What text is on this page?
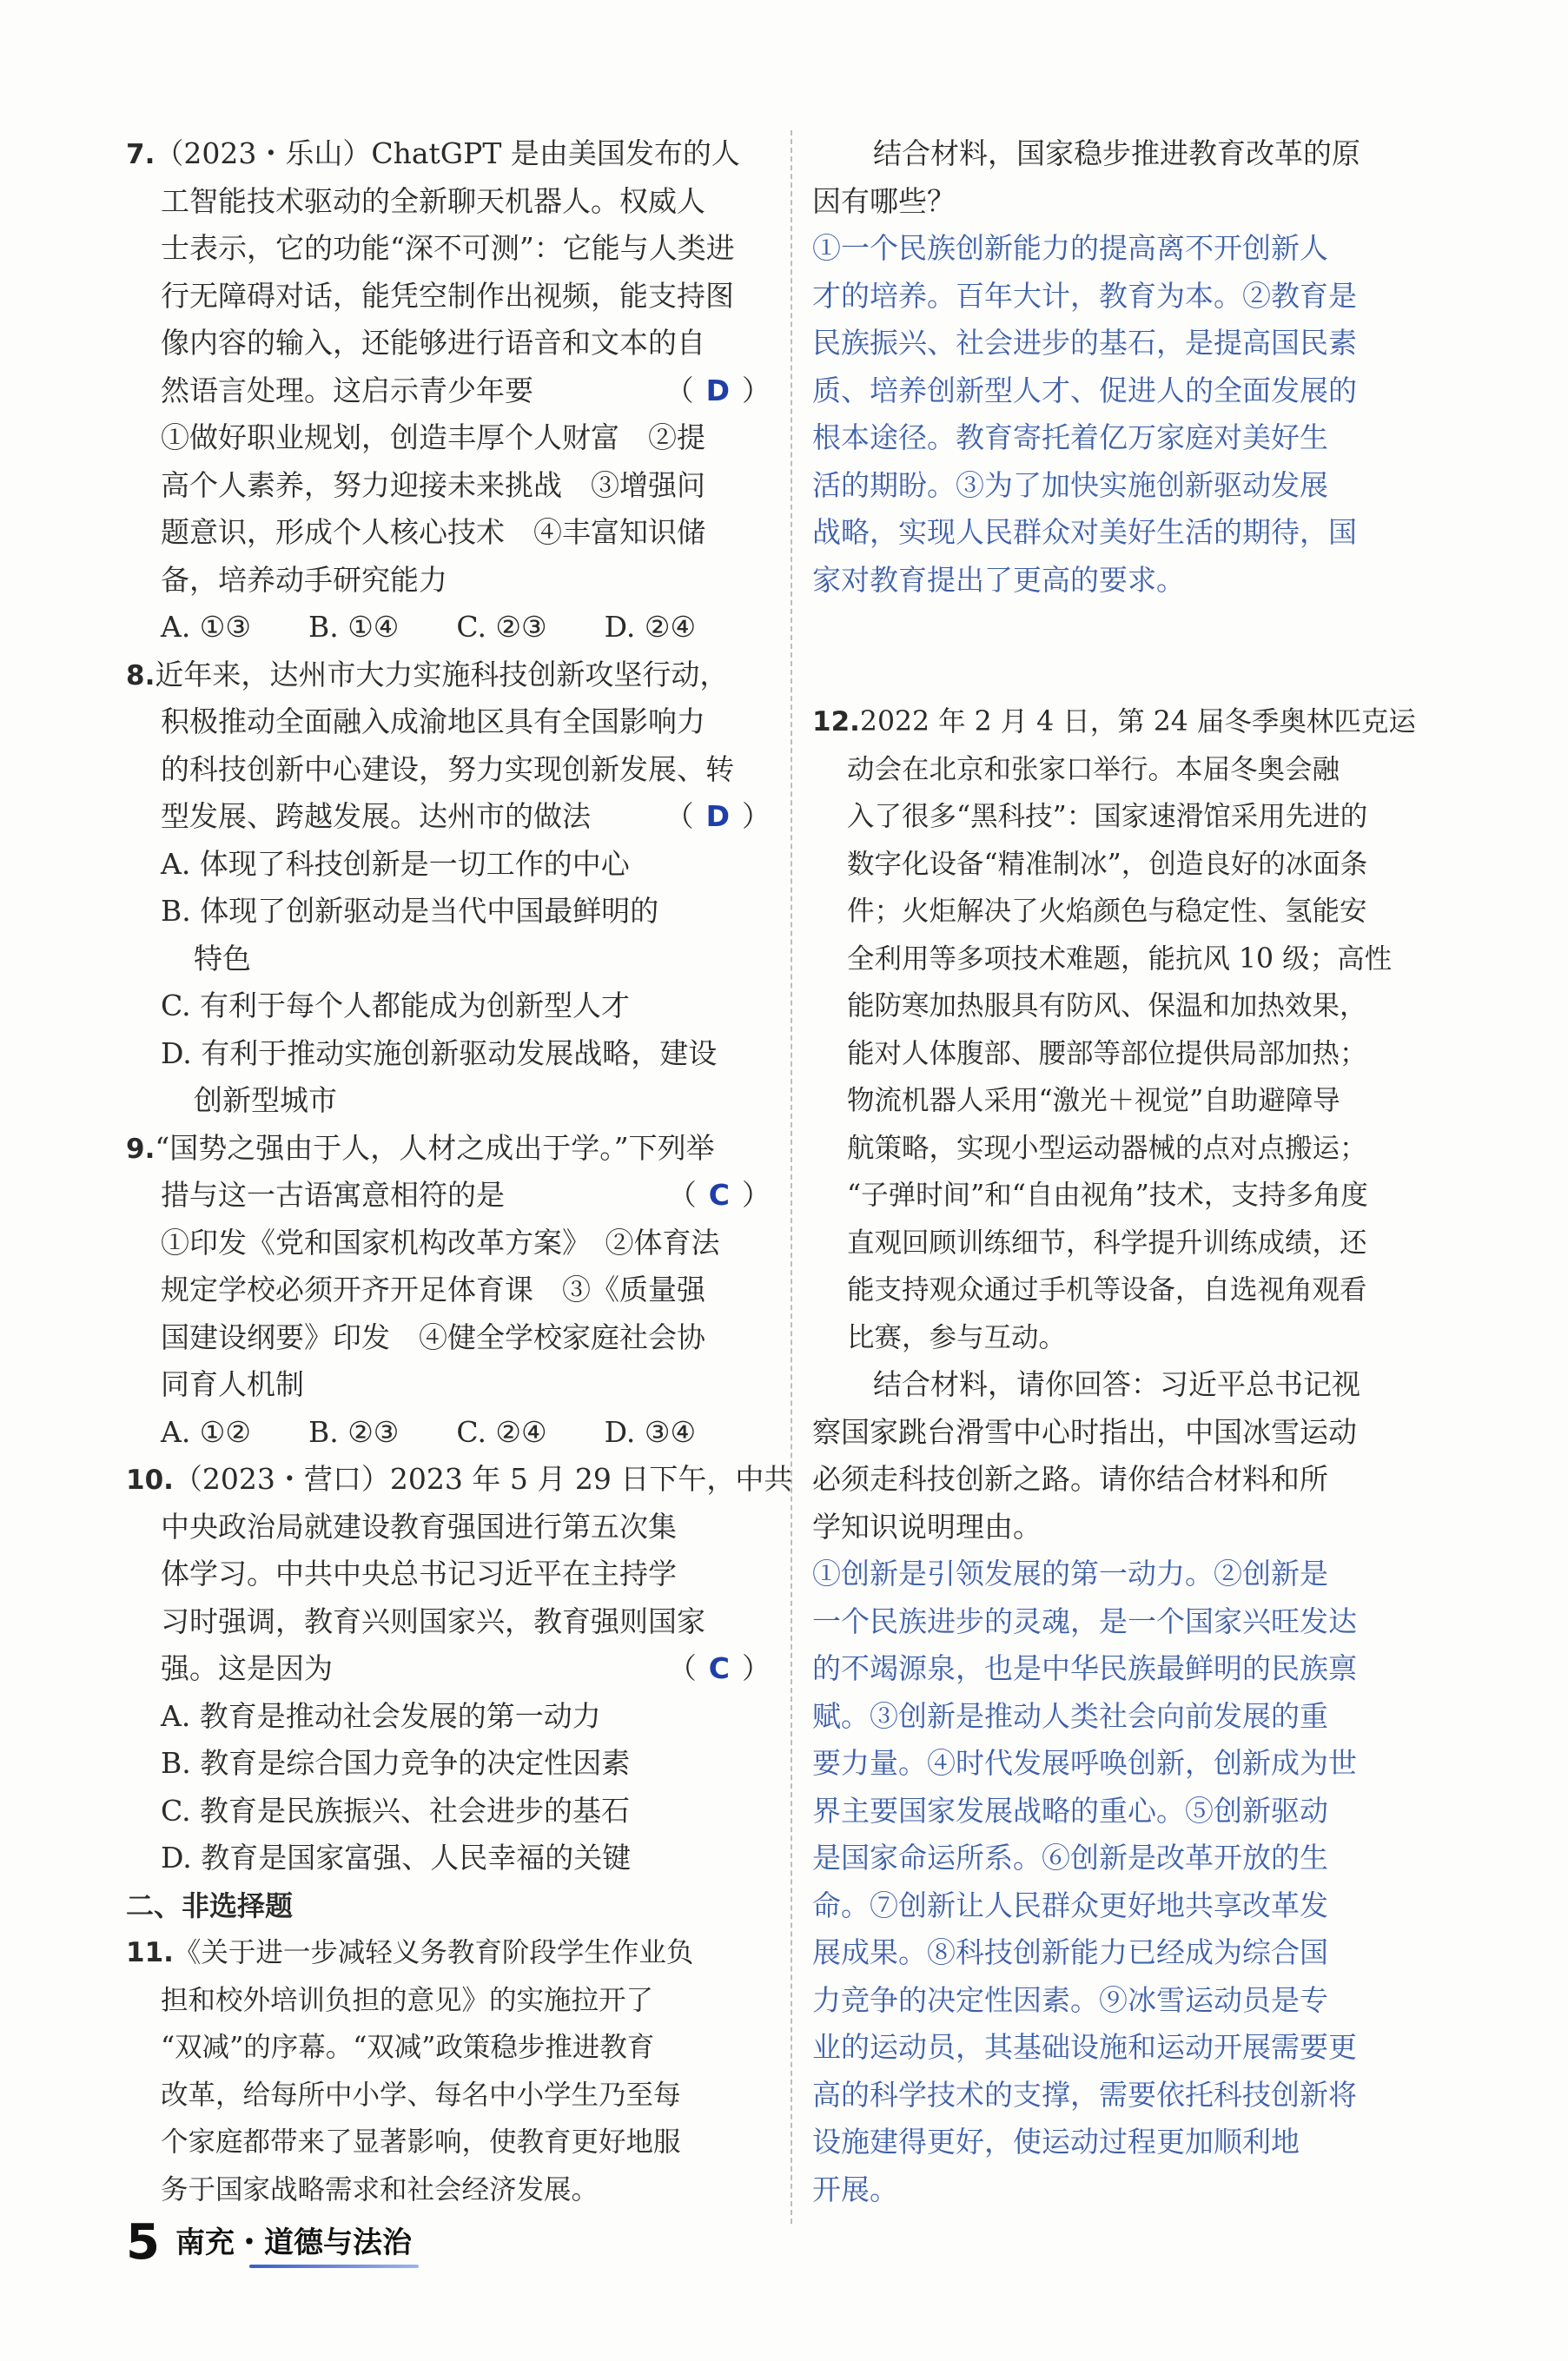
7.（2023・乐山）ChatGPT 是由美国发布的人
工智能技术驱动的全新聊天机器人。权威人
士表示，它的功能“深不可测”：它能与人类进
行无障碍对话，能凭空制作出视频，能支持图
像内容的输入，还能够进行语音和文本的自
然语言处理。这启示青少年要	（ D ）
①做好职业规划，创造丰厚个人财富　②提
高个人素养，努力迎接未来挑战　③增强问
题意识，形成个人核心技术　④丰富知识储
备，培养动手研究能力
A. ①③　　B. ①④　　C. ②③　　D. ②④
8.近年来，达州市大力实施科技创新攻坚行动，
积极推动全面融入成渝地区具有全国影响力
的科技创新中心建设，努力实现创新发展、转
型发展、跨越发展。达州市的做法	（ D ）
A. 体现了科技创新是一切工作的中心
B. 体现了创新驱动是当代中国最鲜明的
特色
C. 有利于每个人都能成为创新型人才
D. 有利于推动实施创新驱动发展战略，建设
创新型城市
9.“国势之强由于人，人材之成出于学。”下列举
措与这一古语寓意相符的是	（ C ）
①印发《党和国家机构改革方案》　②体育法
规定学校必须开齐开足体育课　③《质量强
国建设纲要》印发　④健全学校家庭社会协
同育人机制
A. ①②　　B. ②③　　C. ②④　　D. ③④
10.（2023・营口）2023 年 5 月 29 日下午，中共
中央政治局就建设教育强国进行第五次集
体学习。中共中央总书记习近平在主持学
习时强调，教育兴则国家兴，教育强则国家
强。这是因为	（ C ）
A. 教育是推动社会发展的第一动力
B. 教育是综合国力竞争的决定性因素
C. 教育是民族振兴、社会进步的基石
D. 教育是国家富强、人民幸福的关键
二、非选择题
11.《关于进一步减轻义务教育阶段学生作业负
担和校外培训负担的意见》的实施拉开了
“双减”的序幕。“双减”政策稳步推进教育
改革，给每所中小学、每名中小学生乃至每
个家庭都带来了显著影响，使教育更好地服
务于国家战略需求和社会经济发展。
结合材料，国家稳步推进教育改革的原
因有哪些？
①一个民族创新能力的提高离不开创新人
才的培养。百年大计，教育为本。②教育是
民族振兴、社会进步的基石，是提高国民素
质、培养创新型人才、促进人的全面发展的
根本途径。教育寄托着亿万家庭对美好生
活的期盼。③为了加快实施创新驱动发展
战略，实现人民群众对美好生活的期待，国
家对教育提出了更高的要求。
12.2022 年 2 月 4 日，第 24 届冬季奥林匹克运
动会在北京和张家口举行。本届冬奥会融
入了很多“黑科技”：国家速滑馆采用先进的
数字化设备“精准制冰”，创造良好的冰面条
件；火炬解决了火焰颜色与稳定性、氢能安
全利用等多项技术难题，能抗风 10 级；高性
能防寒加热服具有防风、保温和加热效果，
能对人体腹部、腰部等部位提供局部加热；
物流机器人采用“激光＋视觉”自助避障导
航策略，实现小型运动器械的点对点搬运；
“子弹时间”和“自由视角”技术，支持多角度
直观回顾训练细节，科学提升训练成绩，还
能支持观众通过手机等设备，自选视角观看
比赛，参与互动。
结合材料，请你回答：习近平总书记视
察国家跳台滑雪中心时指出，中国冰雪运动
必须走科技创新之路。请你结合材料和所
学知识说明理由。
①创新是引领发展的第一动力。②创新是
一个民族进步的灵魂，是一个国家兴旺发达
的不竭源泉，也是中华民族最鲜明的民族禀
赋。③创新是推动人类社会向前发展的重
要力量。④时代发展呼唤创新，创新成为世
界主要国家发展战略的重心。⑤创新驱动
是国家命运所系。⑥创新是改革开放的生
命。⑦创新让人民群众更好地共享改革发
展成果。⑧科技创新能力已经成为综合国
力竞争的决定性因素。⑨冰雪运动员是专
业的运动员，其基础设施和运动开展需要更
高的科学技术的支撑，需要依托科技创新将
设施建得更好，使运动过程更加顺利地
开展。
5 南充・道德与法治
